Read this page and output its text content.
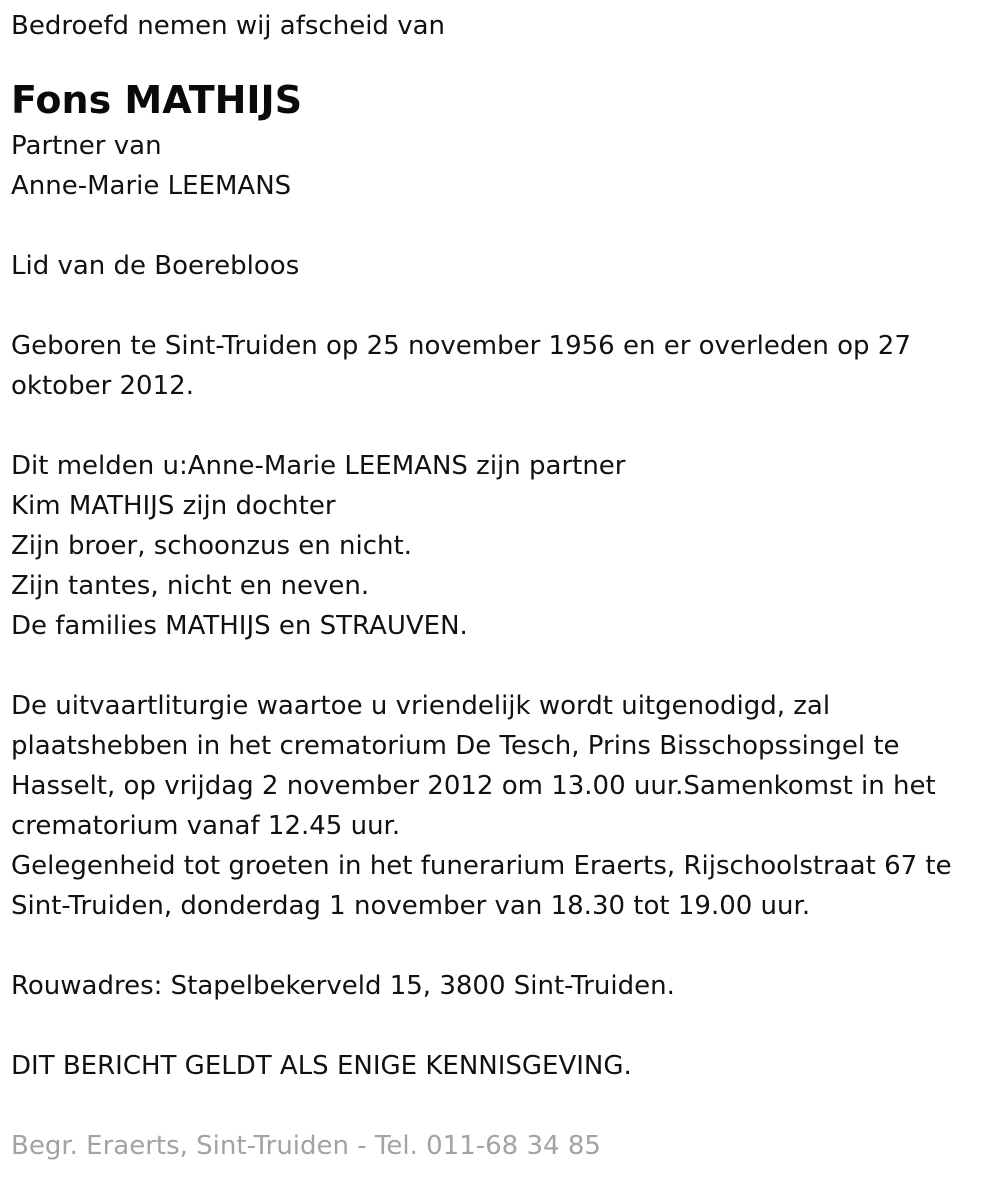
Bedroefd nemen wij afscheid van
Fons MATHIJS
Partner van
Anne-Marie LEEMANS
Lid van de Boerebloos
Geboren te Sint-Truiden op 25 november 1956 en er overleden op 27
oktober 2012.
Dit melden u:Anne-Marie LEEMANS zijn partner
Kim MATHIJS zijn dochter
Zijn broer, schoonzus en nicht.
Zijn tantes, nicht en neven.
De families MATHIJS en STRAUVEN.
De uitvaartliturgie waartoe u vriendelijk wordt uitgenodigd, zal
plaatshebben in het crematorium De Tesch, Prins Bisschopssingel te
Hasselt, op vrijdag 2 november 2012 om 13.00 uur.Samenkomst in het
crematorium vanaf 12.45 uur.
Gelegenheid tot groeten in het funerarium Eraerts, Rijschoolstraat 67 te
Sint-Truiden, donderdag 1 november van 18.30 tot 19.00 uur.
Rouwadres: Stapelbekerveld 15, 3800 Sint-Truiden.
DIT BERICHT GELDT ALS ENIGE KENNISGEVING.
Begr. Eraerts, Sint-Truiden - Tel. 011-68 34 85
